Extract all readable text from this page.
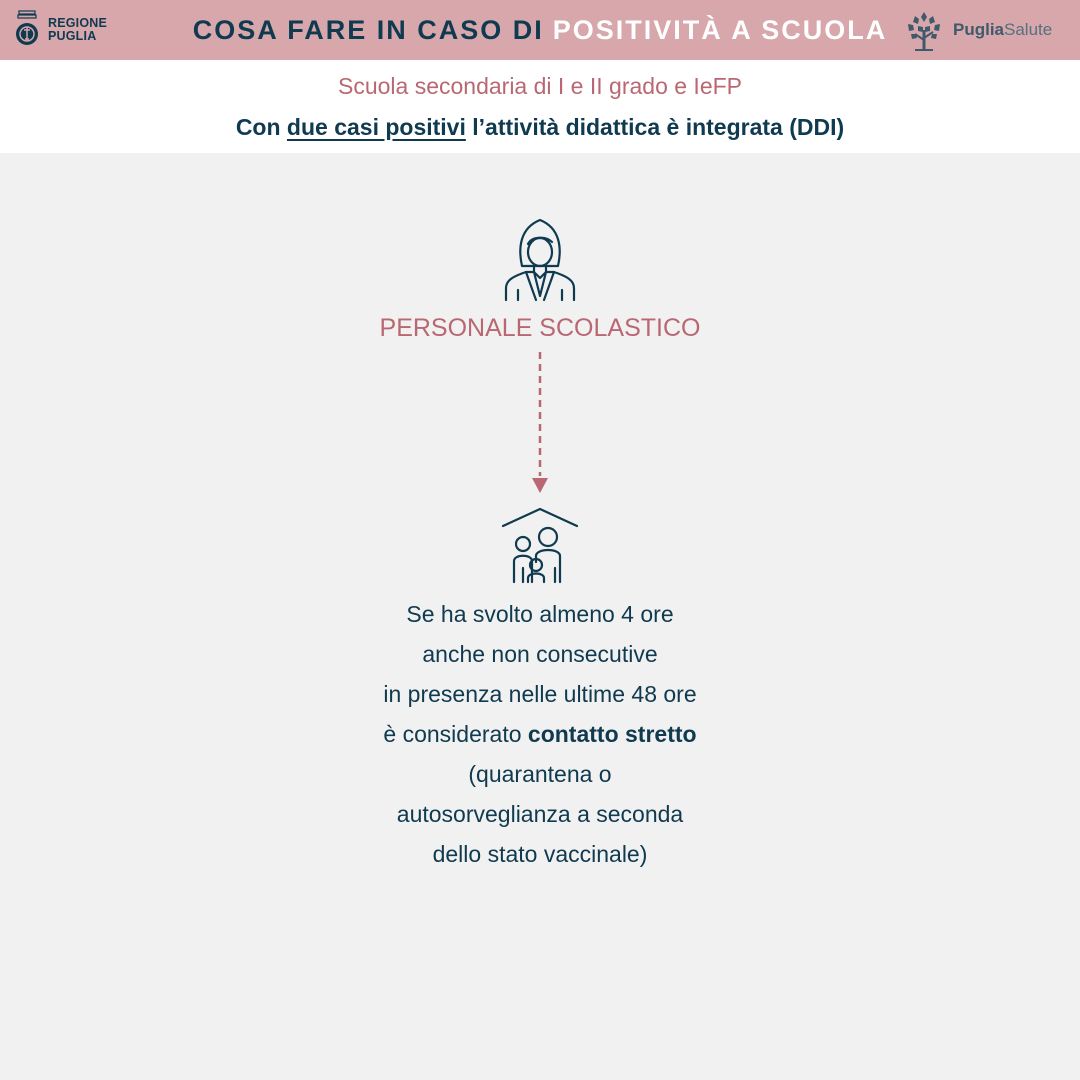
REGIONE
PUGLIA	COSA FARE IN CASO DI POSITIVITÀ A SCUOLA	PugliaSalute
Scuola secondaria di I e II grado e IeFP
Con due casi positivi l’attività didattica è integrata (DDI)
PERSONALE SCOLASTICO
Se ha svolto almeno 4 ore
anche non consecutive
in presenza nelle ultime 48 ore
è considerato contatto stretto
(quarantena o
autosorveglianza a seconda
dello stato vaccinale)
